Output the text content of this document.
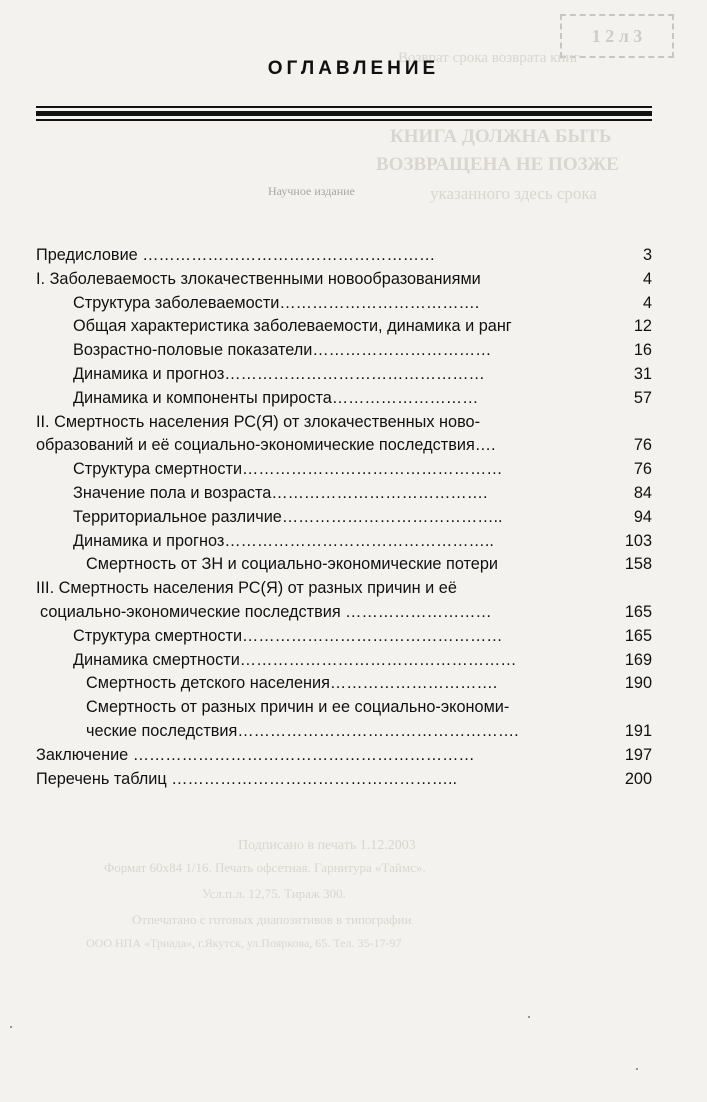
1 2 л 3
Возврат срока возврата книг
КНИГА ДОЛЖНА БЫТЬ
ВОЗВРАЩЕНА НЕ ПОЗЖЕ
указанного здесь срока
Научное издание
Подписано в печать 1.12.2003
Формат 60х84 1/16. Печать офсетная. Гарнитура «Таймс».
Усл.п.л. 12,75. Тираж 300.
Отпечатано с готовых диапозитивов в типографии
ООО НПА «Триада», г.Якутск, ул.Пояркова, 65. Тел. 35-17-97
ОГЛАВЛЕНИЕ
Предисловие ………………………………………………	3
I. Заболеваемость злокачественными новообразованиями	4
Структура заболеваемости……………………………….	4
Общая характеристика заболеваемости, динамика и ранг	12
Возрастно-половые показатели……………………………	16
Динамика и прогноз…………………………………………	31
Динамика и компоненты прироста………………………	57
II. Смертность населения РС(Я) от злокачественных ново-
образований и её социально-экономические последствия….	76
Структура смертности…………………………………………	76
Значение пола и возраста………………………………….	84
Территориальное различие…………………………………..	94
Динамика и прогноз…………………………………………..	103
Смертность от ЗН и социально-экономические потери	158
III. Смертность населения РС(Я) от разных причин и её
социально-экономические последствия ………………………	165
Структура смертности…………………………………………	165
Динамика смертности……………………………………………	169
Смертность детского населения………………………….	190
Смертность от разных причин и ее социально-экономи-
ческие последствия…………………………………………….	191
Заключение ………………………………………………………	197
Перечень таблиц ……………………………………………..	200
